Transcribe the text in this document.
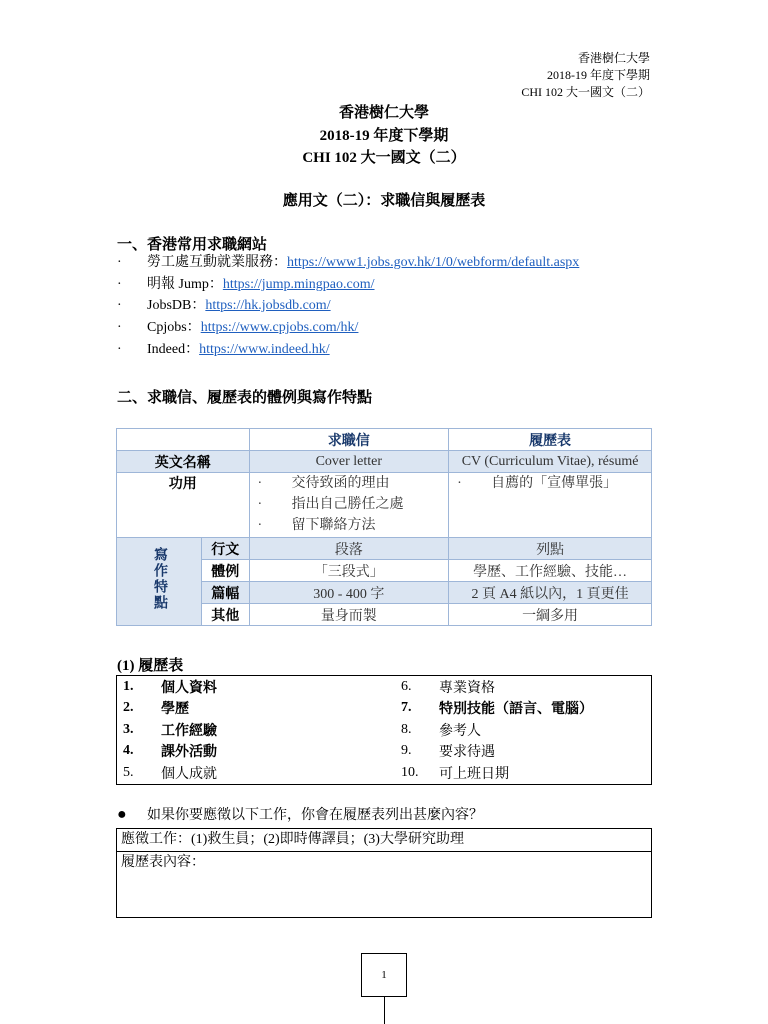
香港樹仁大學
2018-19 年度下學期
CHI 102 大一國文（二）
香港樹仁大學
2018-19 年度下學期
CHI 102 大一國文（二）
應用文（二）：求職信與履歷表
一、香港常用求職網站
· 勞工處互動就業服務：https://www1.jobs.gov.hk/1/0/webform/default.aspx
· 明報 Jump：https://jump.mingpao.com/
· JobsDB：https://hk.jobsdb.com/
· Cpjobs：https://www.cpjobs.com/hk/
· Indeed：https://www.indeed.hk/
二、求職信、履歷表的體例與寫作特點
		求職信	履歷表
英文名稱		Cover letter	CV (Curriculum Vitae), résumé
功用		· 交待致函的理由
· 指出自己勝任之處
· 留下聯絡方法	· 自薦的「宣傳單張」

寫作特點	行文	段落	列點
	體例	「三段式」	學歷、工作經驗、技能…
	篇幅	300 - 400 字	2 頁 A4 紙以內，1 頁更佳
	其他	量身而製	一綱多用
(1) 履歷表
1.	個人資料	6.	專業資格
2.	學歷	7.	特別技能（語言、電腦）
3.	工作經驗	8.	參考人
4.	課外活動	9.	要求待遇
5.	個人成就	10.	可上班日期
● 如果你要應徵以下工作，你會在履歷表列出甚麼內容？
應徵工作：(1)救生員；(2)即時傳譯員；(3)大學研究助理
履歷表內容：
1
